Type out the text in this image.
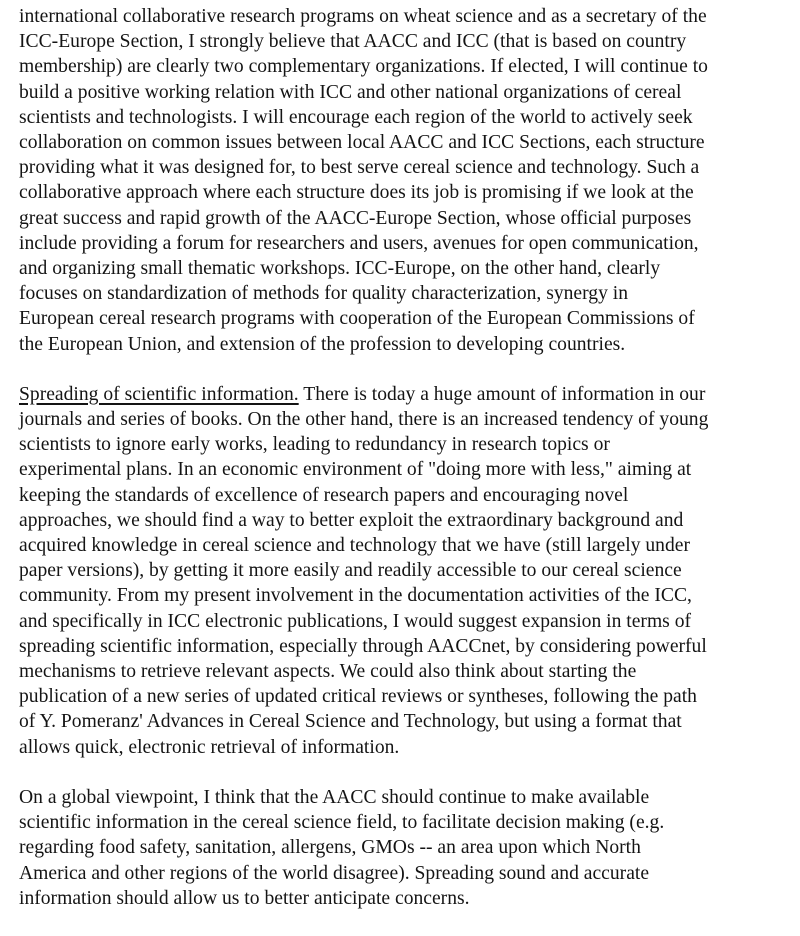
international collaborative research programs on wheat science and as a secretary of the
ICC-Europe Section, I strongly believe that AACC and ICC (that is based on country
membership) are clearly two complementary organizations. If elected, I will continue to
build a positive working relation with ICC and other national organizations of cereal
scientists and technologists. I will encourage each region of the world to actively seek
collaboration on common issues between local AACC and ICC Sections, each structure
providing what it was designed for, to best serve cereal science and technology. Such a
collaborative approach where each structure does its job is promising if we look at the
great success and rapid growth of the AACC-Europe Section, whose official purposes
include providing a forum for researchers and users, avenues for open communication,
and organizing small thematic workshops. ICC-Europe, on the other hand, clearly
focuses on standardization of methods for quality characterization, synergy in
European cereal research programs with cooperation of the European Commissions of
the European Union, and extension of the profession to developing countries.
Spreading of scientific information. There is today a huge amount of information in our
journals and series of books. On the other hand, there is an increased tendency of young
scientists to ignore early works, leading to redundancy in research topics or
experimental plans. In an economic environment of "doing more with less," aiming at
keeping the standards of excellence of research papers and encouraging novel
approaches, we should find a way to better exploit the extraordinary background and
acquired knowledge in cereal science and technology that we have (still largely under
paper versions), by getting it more easily and readily accessible to our cereal science
community. From my present involvement in the documentation activities of the ICC,
and specifically in ICC electronic publications, I would suggest expansion in terms of
spreading scientific information, especially through AACCnet, by considering powerful
mechanisms to retrieve relevant aspects. We could also think about starting the
publication of a new series of updated critical reviews or syntheses, following the path
of Y. Pomeranz' Advances in Cereal Science and Technology, but using a format that
allows quick, electronic retrieval of information.
On a global viewpoint, I think that the AACC should continue to make available
scientific information in the cereal science field, to facilitate decision making (e.g.
regarding food safety, sanitation, allergens, GMOs -- an area upon which North
America and other regions of the world disagree). Spreading sound and accurate
information should allow us to better anticipate concerns.
